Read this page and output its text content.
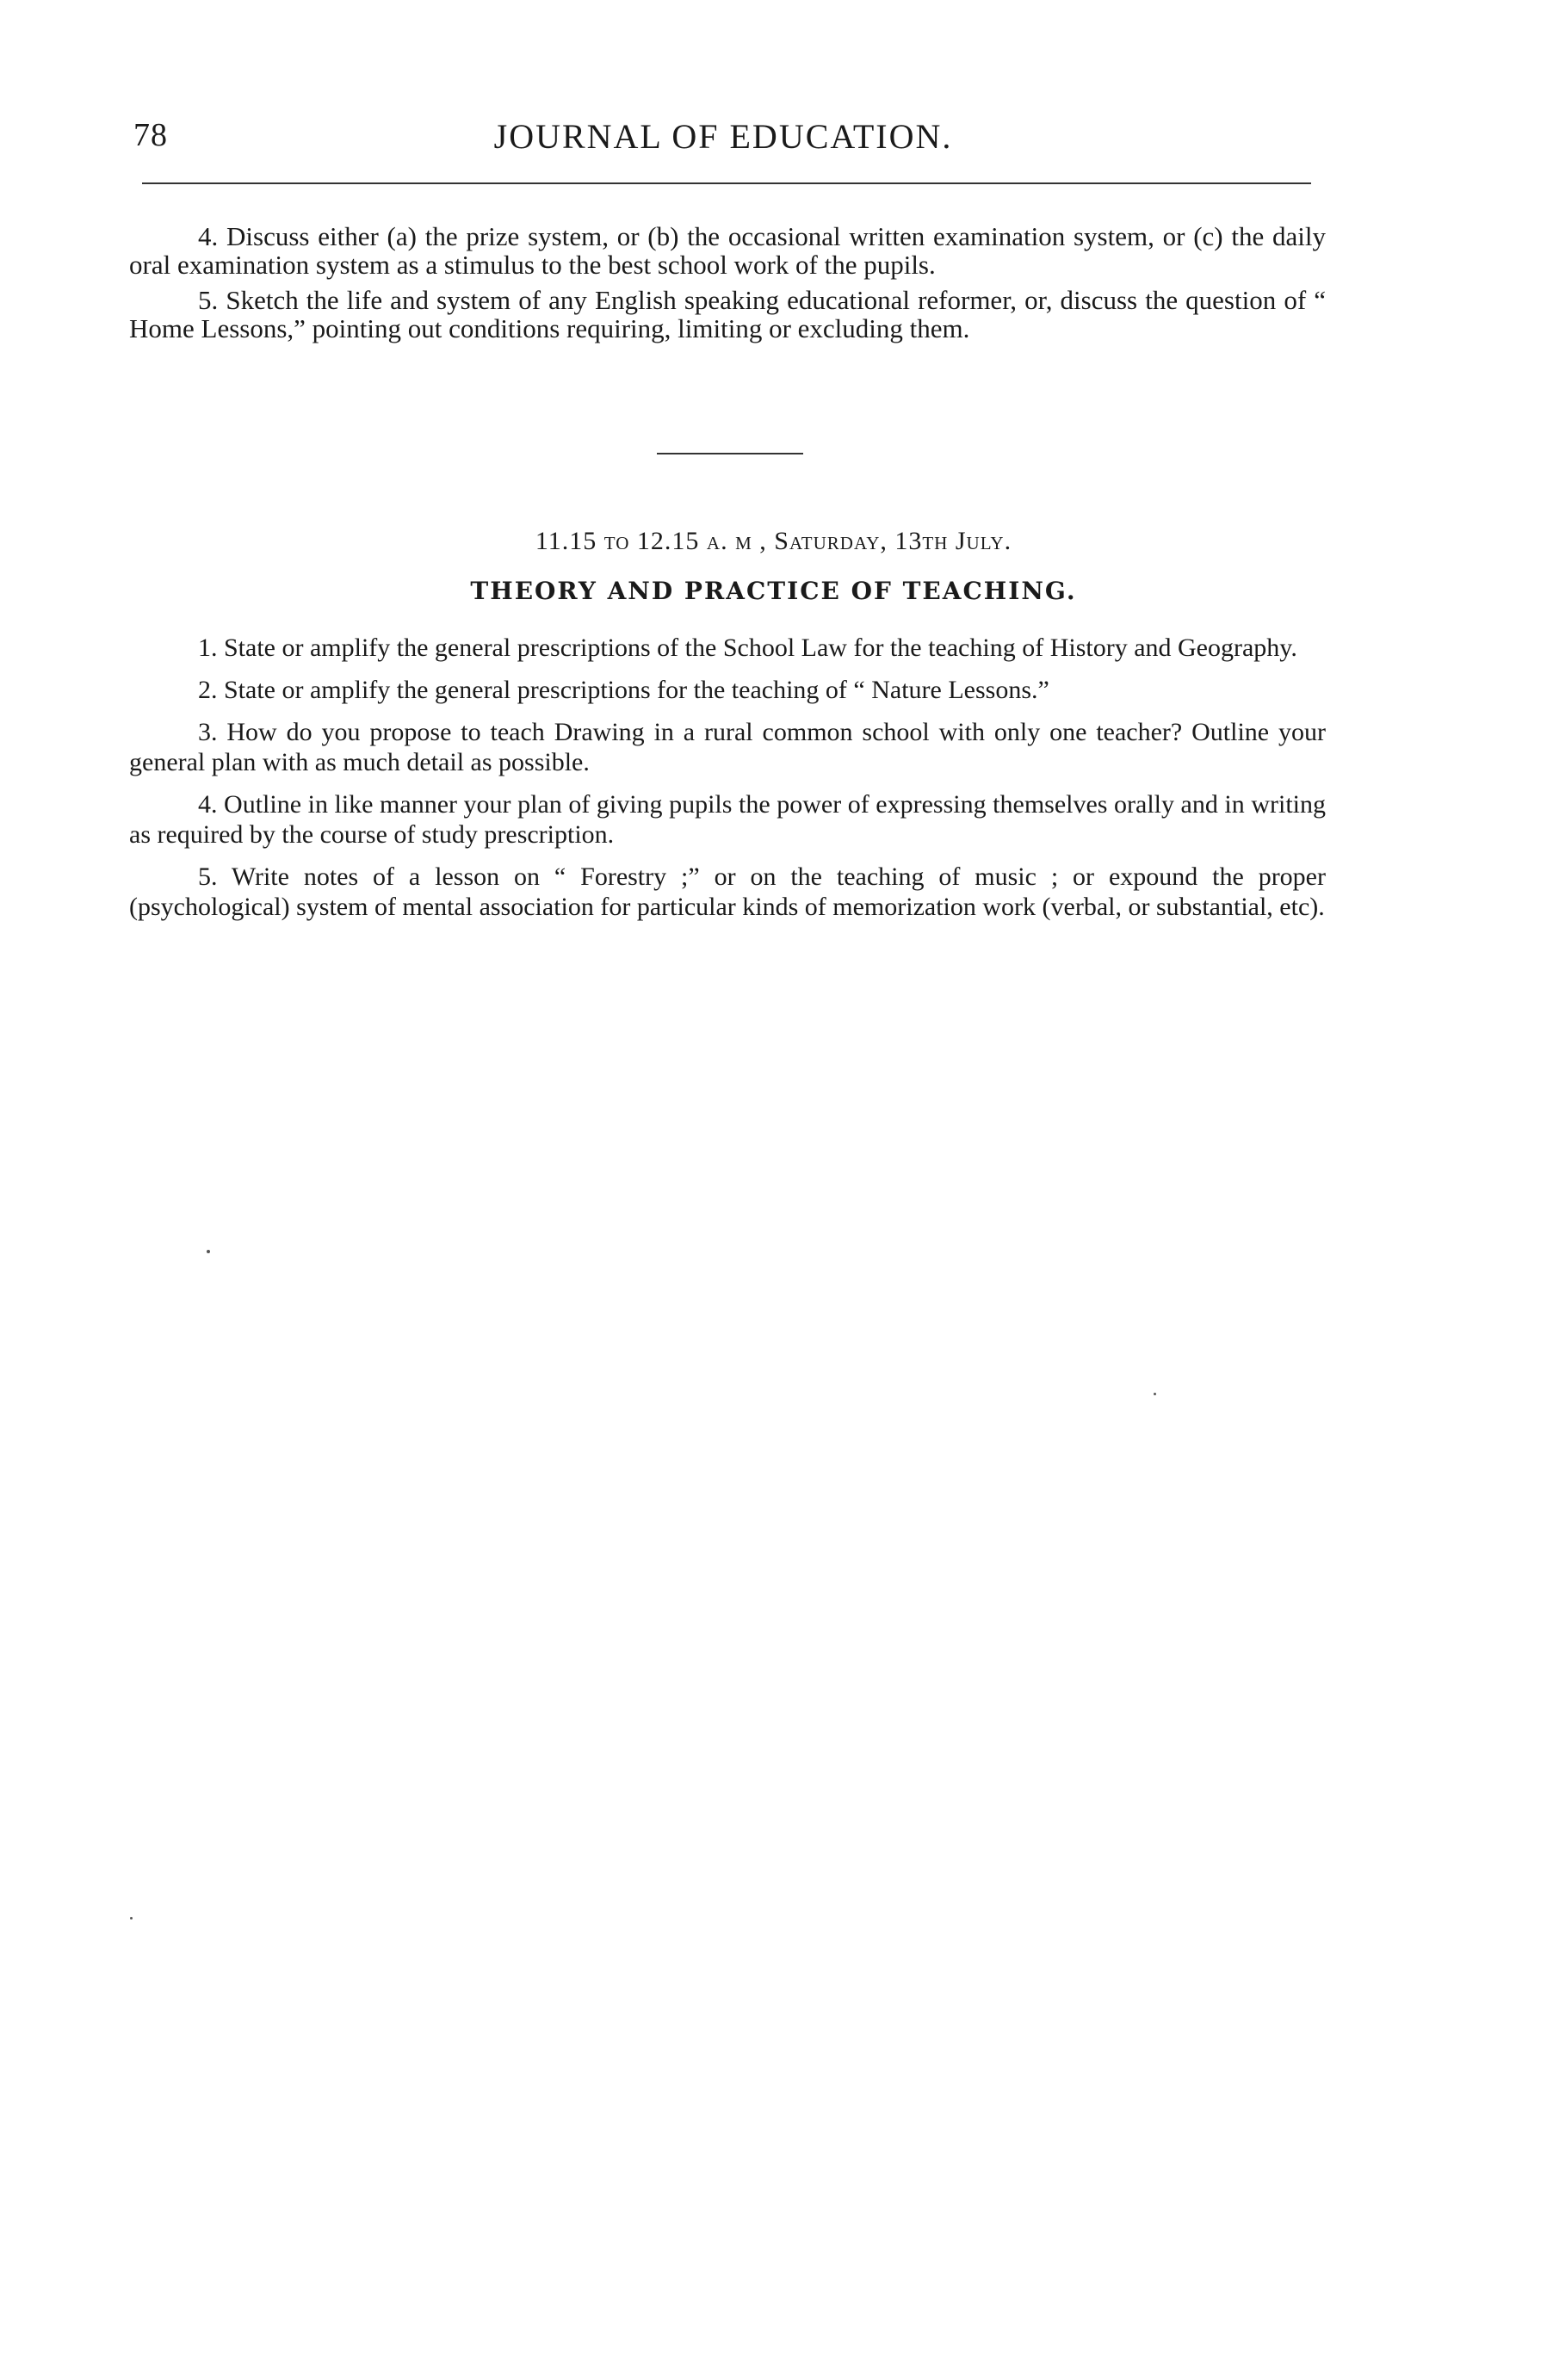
78	JOURNAL OF EDUCATION.

4. Discuss either (a) the prize system, or (b) the occasional written examination system, or (c) the daily oral examination system as a stimulus to the best school work of the pupils.

5. Sketch the life and system of any English speaking educational reformer, or, discuss the question of “ Home Lessons,” pointing out conditions requiring, limiting or excluding them.

11.15 to 12.15 a. m , Saturday, 13th July.
THEORY AND PRACTICE OF TEACHING.

1. State or amplify the general prescriptions of the School Law for the teaching of History and Geography.

2. State or amplify the general prescriptions for the teaching of “ Nature Lessons.”

3. How do you propose to teach Drawing in a rural common school with only one teacher? Outline your general plan with as much detail as possible.

4. Outline in like manner your plan of giving pupils the power of expressing themselves orally and in writing as required by the course of study prescription.

5. Write notes of a lesson on “ Forestry ;” or on the teaching of music ; or expound the proper (psychological) system of mental association for particular kinds of memorization work (verbal, or substantial, etc).
